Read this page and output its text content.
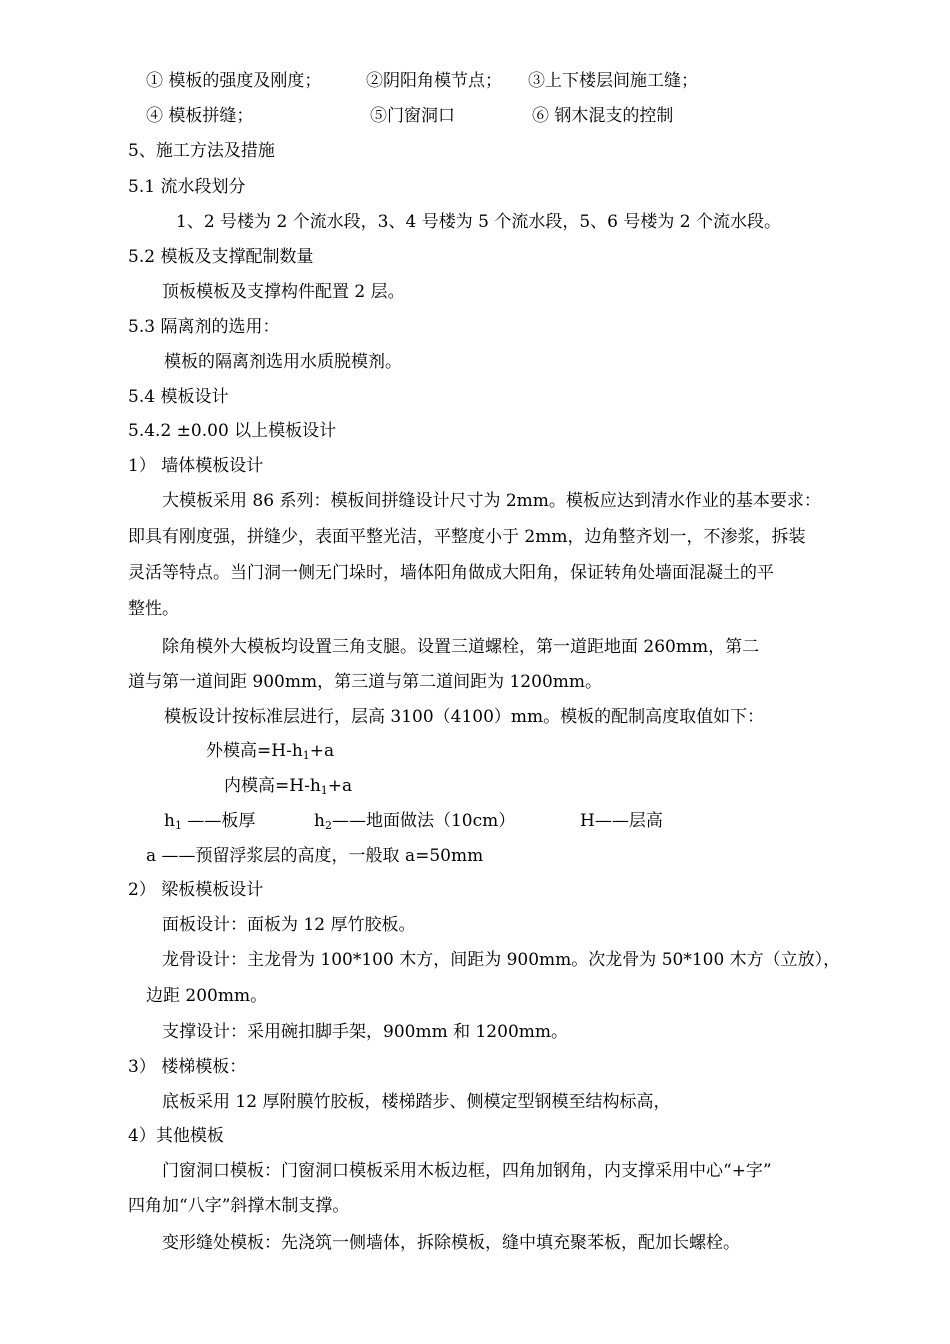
① 模板的强度及刚度；	②阴阳角模节点； ③上下楼层间施工缝；
④ 模板拼缝；	⑤门窗洞口	⑥ 钢木混支的控制
5、施工方法及措施
5.1 流水段划分
1、2 号楼为 2 个流水段，3、4 号楼为 5 个流水段，5、6 号楼为 2 个流水段。
5.2 模板及支撑配制数量
顶板模板及支撑构件配置 2 层。
5.3 隔离剂的选用：
模板的隔离剂选用水质脱模剂。
5.4 模板设计
5.4.2 ±0.00 以上模板设计
1） 墙体模板设计
大模板采用 86 系列：模板间拼缝设计尺寸为 2mm。模板应达到清水作业的基本要求：
即具有刚度强，拼缝少，表面平整光洁，平整度小于 2mm，边角整齐划一，不渗浆，拆装
灵活等特点。当门洞一侧无门垛时，墙体阳角做成大阳角，保证转角处墙面混凝土的平
整性。
除角模外大模板均设置三角支腿。设置三道螺栓，第一道距地面 260mm，第二
道与第一道间距 900mm，第三道与第二道间距为 1200mm。
模板设计按标准层进行，层高 3100（4100）mm。模板的配制高度取值如下：
外模高$=H-h_1+a$
内模高$=H-h_1+a$
$h_1$ ——板厚	$h_2——$地面做法（10cm）	H——层高
a ——预留浮浆层的高度，一般取 a=50mm
2） 梁板模板设计
面板设计：面板为 12 厚竹胶板。
龙骨设计：主龙骨为 100*100 木方，间距为 900mm。次龙骨为 50*100 木方（立放），
边距 200mm。
支撑设计：采用碗扣脚手架，900mm 和 1200mm。
3） 楼梯模板：
底板采用 12 厚附膜竹胶板，楼梯踏步、侧模定型钢模至结构标高，
4）其他模板
门窗洞口模板：门窗洞口模板采用木板边框，四角加钢角，内支撑采用中心“+字”
四角加“八字”斜撑木制支撑。
变形缝处模板：先浇筑一侧墙体，拆除模板，缝中填充聚苯板，配加长螺栓。
